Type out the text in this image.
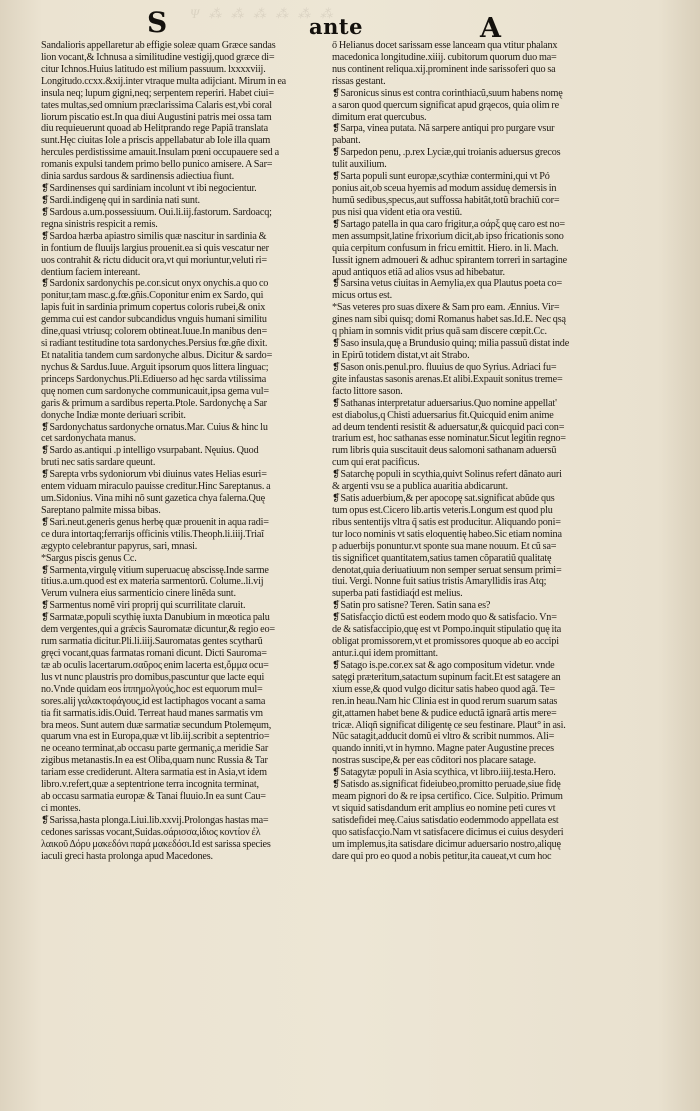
Ψ ⁂ ⁂ ⁂ ⁂ ⁂ ⁂
S	ante	A
Sandalioris appellaretur ab effigie soleæ quam Græce sandas
lion vocant,& Ichnusa a similitudine vestigij,quod græce di=
citur Ichnos.Huius latitudo est milium passuum. lxxxxviij.
Longitudo.ccxx.&xij.inter vtraque multa adijciant. Mirum in ea
insula neq; lupum gigni,neq; serpentem reperiri. Habet ciui=
tates multas,sed omnium præclarissima Calaris est,vbi coral
liorum piscatio est.In qua diui Augustini patris mei ossa tam
diu requieuerunt quoad ab Helitprando rege Papiã translata
sunt.Hęc ciuitas Iole a priscis appellabatur ab Iole illa quam
hercules perdistissime amauit.Insulam pœni occupauere sed a
romanis expulsi tandem primo bello punico amisere. A Sar=
dinia sardus sardous & sardinensis adiectiua fiunt.
❡Sardinenses qui sardiniam incolunt vt ibi negocientur.
❡Sardi.indigenę qui in sardinia nati sunt.
❡Sardous a.um.possessiuum. Oui.li.iij.fastorum. Sardoacq;
regna sinistris respicit a remis.
❡Sardoa hærba apiastro similis quæ nascitur in sardinia &
in fontium de fluuijs largius prouenit.ea si quis vescatur ner
uos contrahit & rictu diducit ora,vt qui moriuntur,veluti ri=
dentium faciem intereant.
❡Sardonix sardonychis pe.cor.sicut onyx onychis.a quo co
ponitur,tam masc.g.fœ.gñis.Coponitur enim ex Sardo, qui
lapis fuit in sardinia primum copertus coloris rubei,& onix
gemma cui est candor subcandidus vnguis humani similitu
dine,quasi vtriusq; colorem obtineat.Iuue.In manibus den=
si radiant testitudine tota sardonyches.Persius fœ.gñe dixit.
Et natalitia tandem cum sardonyche albus. Dicitur & sardo=
nychus & Sardus.Iuue. Arguit ipsorum quos littera linguac;
princeps Sardonychus.Pli.Ediuerso ad hęc sarda vtilissima
quę nomen cum sardonyche communicauit,ipsa gema vul=
garis & primum a sardibus reperta.Ptole. Sardonychę a Sar
donyche Indiæ monte deriuari scribit.
❡Sardonychatus sardonyche ornatus.Mar. Cuius & hinc lu
cet sardonychata manus.
❡Sardo as.antiqui .p intelligo vsurpabant. Nęuius. Quod
bruti nec satis sardare queunt.
❡Sarepta vrbs sydoniorum vbi diuinus vates Helias esuri=
entem viduam miraculo pauisse creditur.Hinc Sareptanus. a
um.Sidonius. Vina mihi nõ sunt gazetica chya falerna.Quę
Sareptano palmite missa bibas.
❡Sari.neut.generis genus herbę quæ prouenit in aqua radi=
ce dura intortaq;ferrarijs officinis vtilis.Theoph.li.iiij.Triaĩ
ægypto celebrantur papyrus, sari, mnasi.
*Sargus piscis genus Cc.
❡Sarmenta,virgulę vitium superuacuę abscissę.Inde sarme
titius.a.um.quod est ex materia sarmentorũ. Colume..li.vij
Verum vulnera eius sarmenticio cinere linẽda sunt.
❡Sarmentus nomẽ viri proprij qui scurrilitate claruit.
❡Sarmatæ,populi scythię iuxta Danubium in mœotica palu
dem vergentes,qui a grǽcis Sauromatæ dicuntur,& regio eo=
rum sarmatia dicitur.Pli.li.iiij.Sauromatas gentes scytharũ
gręci vocant,quas farmatas romani dicunt. Dicti Sauroma=
tæ ab oculis lacertarum.σαῦρος enim lacerta est,ὄμμα ocu=
lus vt nunc plaustris pro domibus,pascuntur que lacte equi
no.Vnde quidam eos ἱππημολγούς,hoc est equorum mul=
sores.alij γαλακτοφάγους,id est lactiphagos vocant a sama
tia fit sarmatis.idis.Ouid. Terreat haud manes sarmatis vm
bra meos. Sunt autem duæ sarmatiæ secundum Ptolemęum,
quarum vna est in Europa,quæ vt lib.iij.scribit a septentrio=
ne oceano terminat,ab occasu parte germaniç,a meridie Sar
zigibus metanastis.In ea est Oliba,quam nunc Russia & Tar
tariam esse crediderunt. Altera sarmatia est in Asia,vt idem
libro.v.refert,quæ a septentrione terra incognita terminat,
ab occasu sarmatia europæ & Tanai fluuio.In ea sunt Cau=
ci montes.
❡Sarissa,hasta plonga.Liui.lib.xxvij.Prolongas hastas ma=
cedones sarissas vocant,Suidas.σάρισσα,ἰδιος κοντίον ἐλ
λαικοῦ Δόρυ μακεδόνι παρά μακεδόσι.Id est sarissa species
iaculi greci hasta prolonga apud Macedones.
ő Helianus docet sarissam esse lanceam qua vtitur phalanx
macedonica longitudine.xiiij. cubitorum quorum duo ma=
nus continent reliqua.xij.prominent inde sarissoferi quo sa
rissas gestant.
❡Saronicus sinus est contra corinthiacũ,suum habens nomę
a saron quod quercum significat apud grąecos, quia olim re
dimitum erat quercubus.
❡Sarpa, vinea putata. Nã sarpere antiqui pro purgare vsur
pabant.
❡Sarpedon penu, .p.rex Lyciæ,qui troianis aduersus grecos
tulit auxilium.
❡Sarta populi sunt europæ,scythiæ contermini,qui vt Pó
ponius ait,ob sceua hyemis ad modum assiduę demersis in
humũ sedibus,specus,aut suffossa habitãt,totũ brachiũ cor=
pus nisi qua vident etia ora vestiũ.
❡Sartago patella in qua caro frigitur,a σάρξ quę caro est no=
men assumpsit,latine frixorium dicit,ab ipso fricationis sono
quia cerpitum confusum in fricu emittit. Hiero. in li. Mach.
Iussit ignem admoueri & adhuc spirantem torreri in sartagine
apud antiquos etiã ad alios vsus ad hibebatur.
❡Sarsina vetus ciuitas in Aemylia,ex qua Plautus poeta co=
micus ortus est.
*Sas veteres pro suas dixere & Sam pro eam. Ænnius. Vir=
gines nam sibi quisq; domi Romanus habet sas.Id.E. Nec qsą
q phiam in somnis vidit prius quā sam discere cœpit.Cc.
❡Saso insula,quę a Brundusio quinq; milia passuũ distat inde
in Epirũ totidem distat,vt ait Strabo.
❡Sason onis.penul.pro. fluuius de quo Syrius. Adriaci fu=
gite infaustas sasonis arenas.Et alibi.Expauit sonitus treme=
facto littore sason.
❡Sathanas interpretatur aduersarius.Quo nomine appellat'
est diabolus,q Chisti aduersarius fit.Quicquid enim anime
ad deum tendenti resistit & aduersatur,& quicquid paci con=
trarium est, hoc sathanas esse nominatur.Sicut legitin regno=
rum libris quia suscitauit deus salomoni sathanam aduersũ
cum qui erat pacificus.
❡Satarchę populi in scythia,quivt Solinus refert dãnato auri
& argenti vsu se a publica auaritia abdicarunt.
❡Satis aduerbium,& per apocopę sat.significat abũde qus
tum opus est.Cicero lib.artis veteris.Longum est quod plu
ribus sententijs vltra q̃ satis est producitur. Aliquando poni=
tur loco nominis vt satis eloquentię habeo.Sic etiam nomina
p aduerbijs ponuntur.vt sponte sua mane nouum. Et cũ sa=
tis significet quantitatem,satius tamen cõparatiũ qualitatę
denotat,quia deriuatiuum non semper seruat sensum primi=
tiui. Vergi. Nonne fuit satius tristis Amaryllidis iras Atq;
superba pati fastidiaq́d est melius.
❡Satin pro satisne? Teren. Satin sana es?
❡Satisfacçio dictũ est eodem modo quo & satisfacio. Vn=
de & satisfaccipio,quę est vt Pompo.inquit stipulatio quę ita
obligat promissorem,vt et promissores quoque ab eo accipi
antur.i.qui idem promittant.
❡Satago is.pe.cor.ex sat & ago compositum videtur. vnde
satęgi præteritum,satactum supinum facit.Et est satagere an
xium esse,& quod vulgo dicitur satis habeo quod agã. Te=
ren.in heau.Nam hic Clinia est in quod rerum suarum satas
git,attamen habet bene & pudice eductã ignarã artis mere=
tricæ. Aliqñ significat diligentę ce seu festinare. Plaut° in asi.
Nũc satagit,adducit domũ ei vltro & scribit nummos. Ali=
quando inniti,vt in hymno. Magne pater Augustine preces
nostras suscipe,& per eas cõditori nos placare satage.
❡Satagytæ populi in Asia scythica, vt libro.iiij.testa.Hero.
❡Satisdo as.significat fideiubeo,promitto peruade,siue fidę
meam pignori do & re ipsa certifico. Cice. Sulpitio. Primum
vt siquid satisdandum erit amplius eo nomine peti cures vt
satisdefidei meę.Caius satisdatio eodemmodo appellata est
quo satisfacçio.Nam vt satisfacere dicimus ei cuius desyderi
um implemus,ita satisdare dicimur aduersario nostro,aliquę
dare qui pro eo quod a nobis petitur,ita caueat,vt cum hoc
